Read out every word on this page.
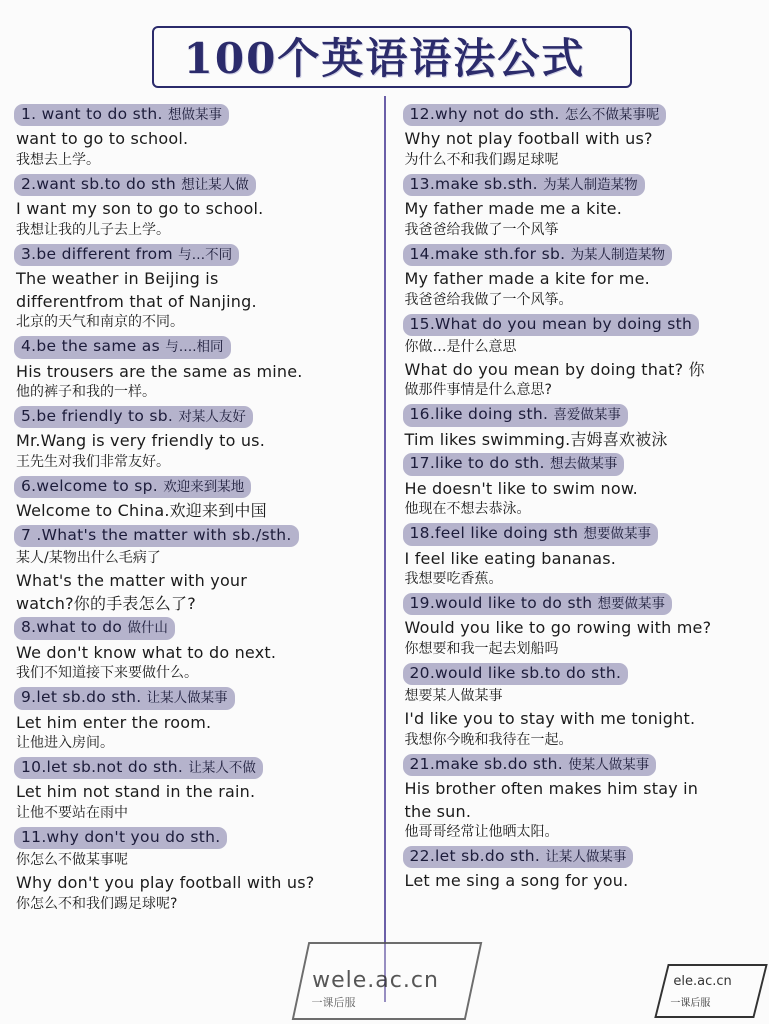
100个英语语法公式
1. want to do sth. 想做某事
want to go to school.
我想去上学。
2.want sb.to do sth 想让某人做
I want my son to go to school.
我想让我的儿子去上学。
3.be different from 与…不同
The weather in Beijing is
differentfrom that of Nanjing.
北京的天气和南京的不同。
4.be the same as 与….相同
His trousers are the same as mine.
他的裤子和我的一样。
5.be friendly to sb. 对某人友好
Mr.Wang is very friendly to us.
王先生对我们非常友好。
6.welcome to sp. 欢迎来到某地
Welcome to China.欢迎来到中国
7 .What's the matter with sb./sth.
某人/某物出什么毛病了
What's the matter with your
watch?你的手表怎么了?
8.what to do 做什山
We don't know what to do next.
我们不知道接下来要做什么。
9.let sb.do sth. 让某人做某事
Let him enter the room.
让他进入房间。
10.let sb.not do sth. 让某人不做
Let him not stand in the rain.
让他不要站在雨中
11.why don't you do sth.
你怎么不做某事呢
Why don't you play football with us?
你怎么不和我们踢足球呢?
12.why not do sth. 怎么不做某事呢
Why not play football with us?
为什么不和我们踢足球呢
13.make sb.sth. 为某人制造某物
My father made me a kite.
我爸爸给我做了一个风筝
14.make sth.for sb. 为某人制造某物
My father made a kite for me.
我爸爸给我做了一个风筝。
15.What do you mean by doing sth
你做…是什么意思
What do you mean by doing that? 你
做那件事情是什么意思?
16.like doing sth. 喜爱做某事
Tim likes swimming.吉姆喜欢被泳
17.like to do sth. 想去做某事
He doesn't like to swim now.
他现在不想去恭泳。
18.feel like doing sth 想要做某事
I feel like eating bananas.
我想要吃香蕉。
19.would like to do sth 想要做某事
Would you like to go rowing with me?
你想要和我一起去划船吗
20.would like sb.to do sth.
想要某人做某事
I'd like you to stay with me tonight.
我想你今晚和我待在一起。
21.make sb.do sth. 使某人做某事
His brother often makes him stay in
the sun.
他哥哥经常让他晒太阳。
22.let sb.do sth. 让某人做某事
Let me sing a song for you.
wele.ac.cn
一课后服
ele.ac.cn
一课后服
